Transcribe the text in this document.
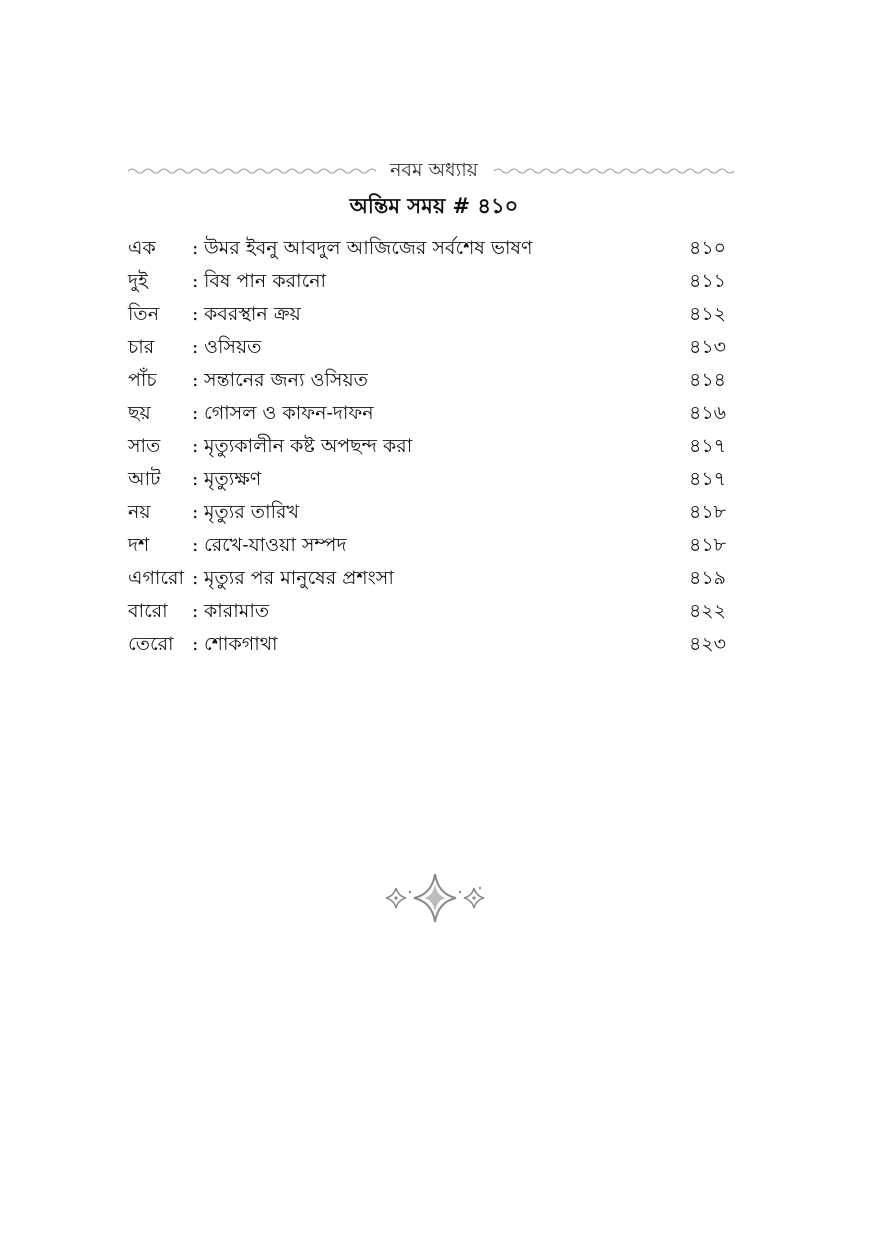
নবম অধ্যায়
অন্তিম সময় # ৪১০
এক	: উমর ইবনু আবদুল আজিজের সর্বশেষ ভাষণ	৪১০
দুই	: বিষ পান করানো	৪১১
তিন	: কবরস্থান ক্রয়	৪১২
চার	: ওসিয়ত	৪১৩
পাঁচ	: সন্তানের জন্য ওসিয়ত	৪১৪
ছয়	: গোসল ও কাফন-দাফন	৪১৬
সাত	: মৃত্যুকালীন কষ্ট অপছন্দ করা	৪১৭
আট	: মৃত্যুক্ষণ	৪১৭
নয়	: মৃত্যুর তারিখ	৪১৮
দশ	: রেখে-যাওয়া সম্পদ	৪১৮
এগারো : মৃত্যুর পর মানুষের প্রশংসা	৪১৯
বারো	: কারামাত	৪২২
তেরো : শোকগাথা	৪২৩
